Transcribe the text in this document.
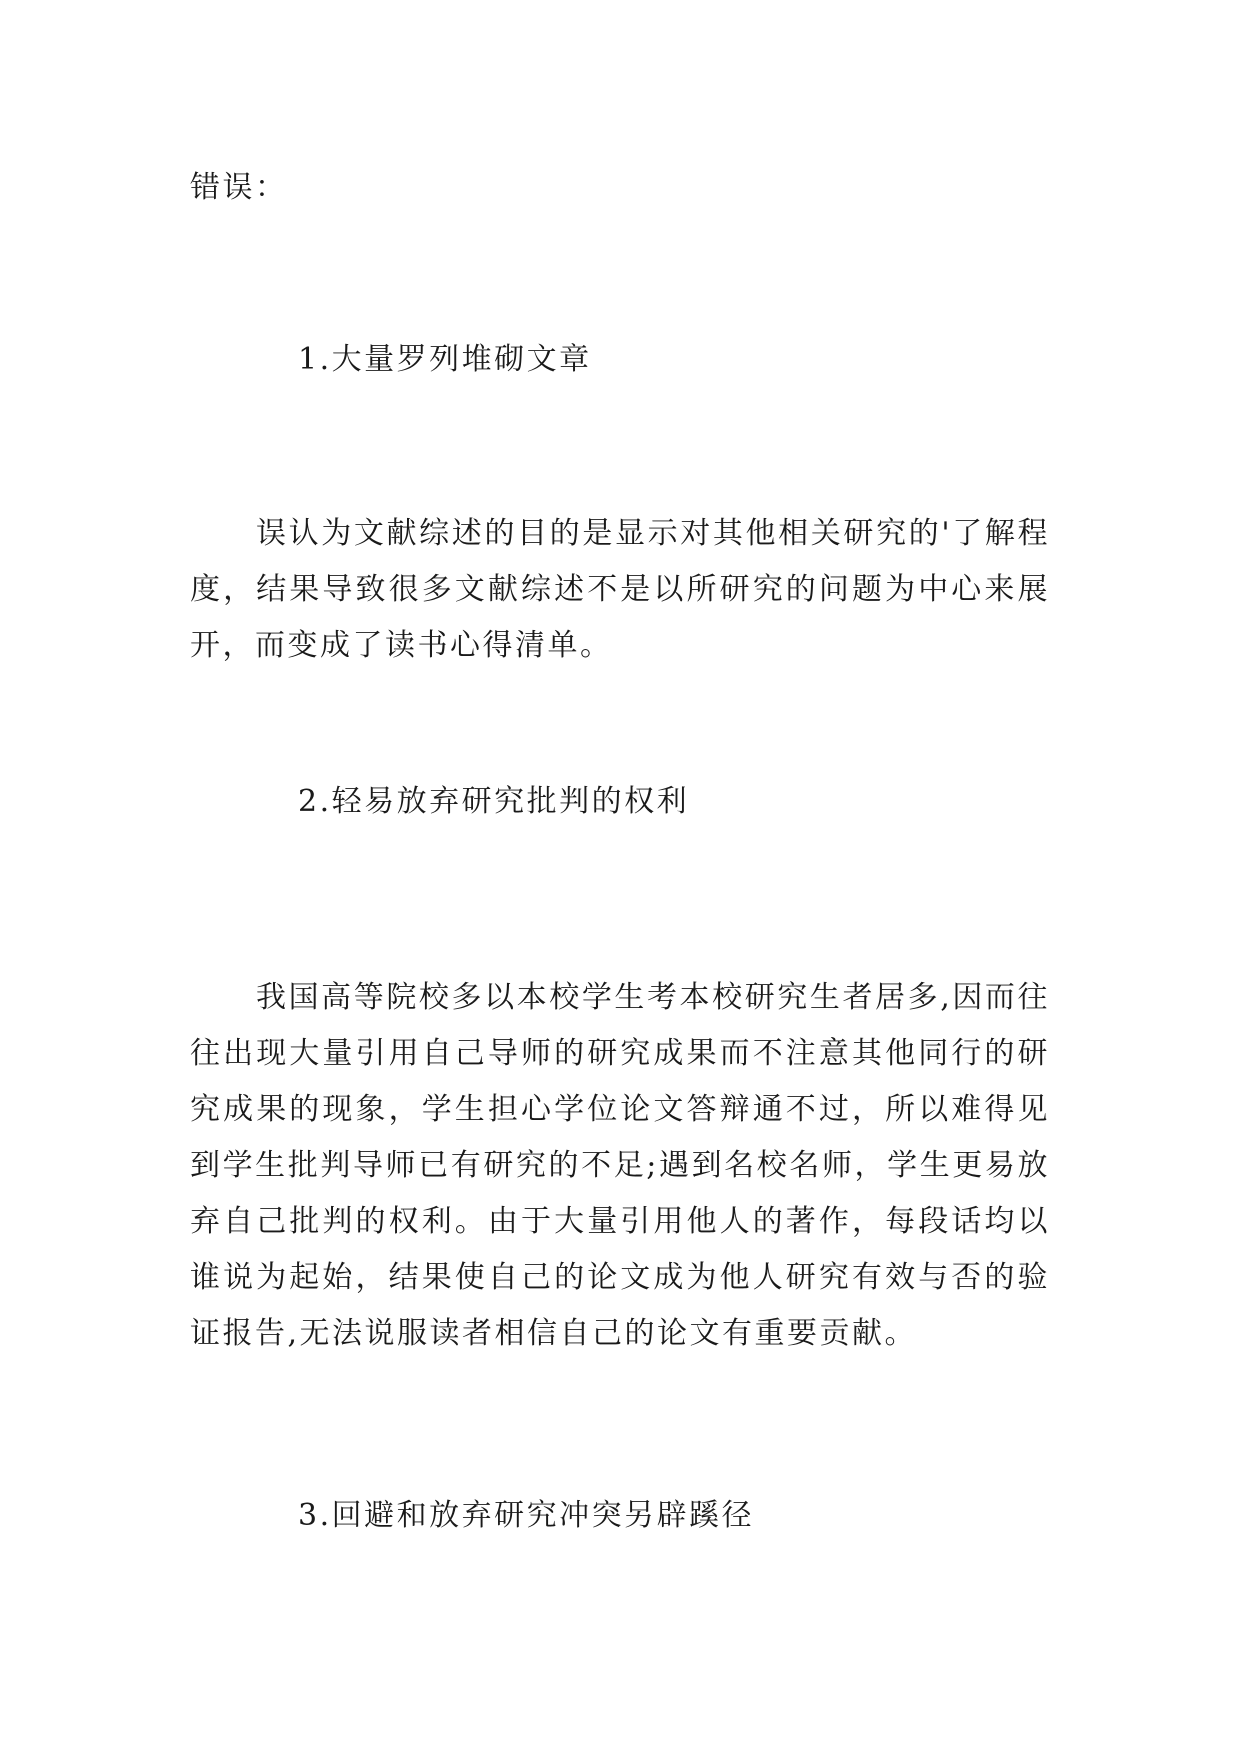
错误：

1.大量罗列堆砌文章

误认为文献综述的目的是显示对其他相关研究的'了解程度，结果导致很多文献综述不是以所研究的问题为中心来展开，而变成了读书心得清单。

2.轻易放弃研究批判的权利

我国高等院校多以本校学生考本校研究生者居多,因而往往出现大量引用自己导师的研究成果而不注意其他同行的研究成果的现象，学生担心学位论文答辩通不过，所以难得见到学生批判导师已有研究的不足;遇到名校名师，学生更易放弃自己批判的权利。由于大量引用他人的著作，每段话均以谁说为起始，结果使自己的论文成为他人研究有效与否的验证报告,无法说服读者相信自己的论文有重要贡献。

3.回避和放弃研究冲突另辟蹊径
